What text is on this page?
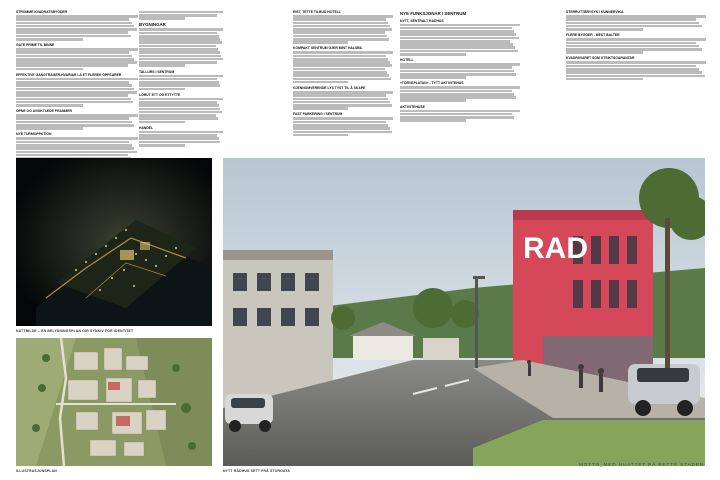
STROMME KVADRATSBYGDER
GATE PRIME TIL BINNE
EFFEKTIVE GANGTRAGER-HVARIAR LA ET FLEREE OPPSARER
OPNE OG AVSIKTLEDE PRANMER
NYE TURMOPPKTION
BYGNINGAR
TALLURS I SENTRUM
LORUT ETT OG ETTYTTE
HANDEL
RIST, TETTE TILBUD HOTELL
KOMPAKT SENTRUM GJER MINT HALSBIL
GJENNOMVERENDE LYS TYST TIL Å SKAPE
FAST PARKERING I SENTRUM
NYE FUNKSJONAR I SENTRUM
NYTT, SENTRALT RADHUS
HOTELL
«TORVEPLATAN» - TYTT AKTIVITEHUS
AKTIVITEHUSE
STERRUTTBRYSYN I KUNNERVIKA
FLERE BYGGER - MEST BALTER
KVADRIVIARET SOM UTSIKTSGARANTAR
NATTBILDE – EN BELYSNINGSPLAN GIR SYNKIV FOR IDENTITET
ILLUSTRASJONSPLAN
RAD
NYTT RÅDHUS SETT FRÅ STORGATA
MOTTO_MED HUATTET PÅ RETTE STADEN
